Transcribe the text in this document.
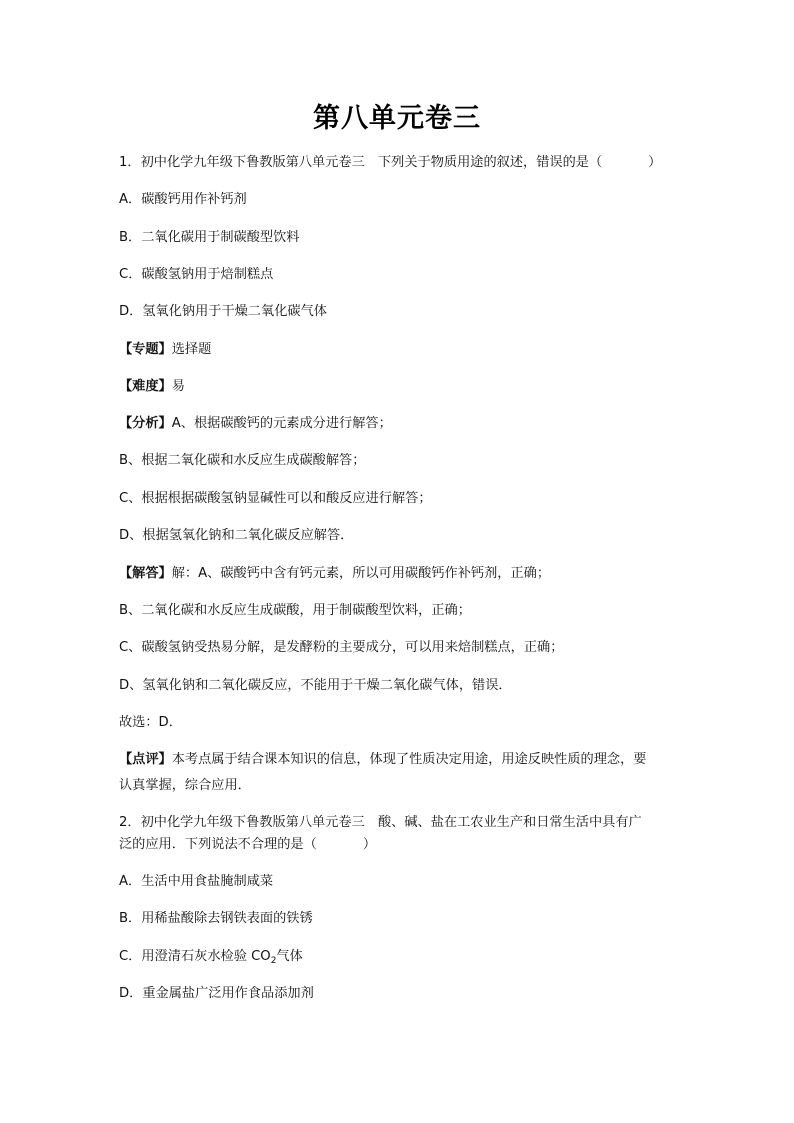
第八单元卷三
1．初中化学九年级下鲁教版第八单元卷三　下列关于物质用途的叙述，错误的是（	）
A．碳酸钙用作补钙剂
B．二氧化碳用于制碳酸型饮料
C．碳酸氢钠用于焙制糕点
D．氢氧化钠用于干燥二氧化碳气体
【专题】选择题
【难度】易
【分析】A、根据碳酸钙的元素成分进行解答；
B、根据二氧化碳和水反应生成碳酸解答；
C、根据根据碳酸氢钠显碱性可以和酸反应进行解答；
D、根据氢氧化钠和二氧化碳反应解答．
【解答】解：A、碳酸钙中含有钙元素，所以可用碳酸钙作补钙剂，正确；
B、二氧化碳和水反应生成碳酸，用于制碳酸型饮料，正确；
C、碳酸氢钠受热易分解，是发酵粉的主要成分，可以用来焙制糕点，正确；
D、氢氧化钠和二氧化碳反应，不能用于干燥二氧化碳气体，错误．
故选：D．
【点评】本考点属于结合课本知识的信息，体现了性质决定用途，用途反映性质的理念，要
认真掌握，综合应用．
2．初中化学九年级下鲁教版第八单元卷三　酸、碱、盐在工农业生产和日常生活中具有广
泛的应用．下列说法不合理的是（	）
A．生活中用食盐腌制咸菜
B．用稀盐酸除去钢铁表面的铁锈
C．用澄清石灰水检验 $CO_2$气体
D．重金属盐广泛用作食品添加剂
